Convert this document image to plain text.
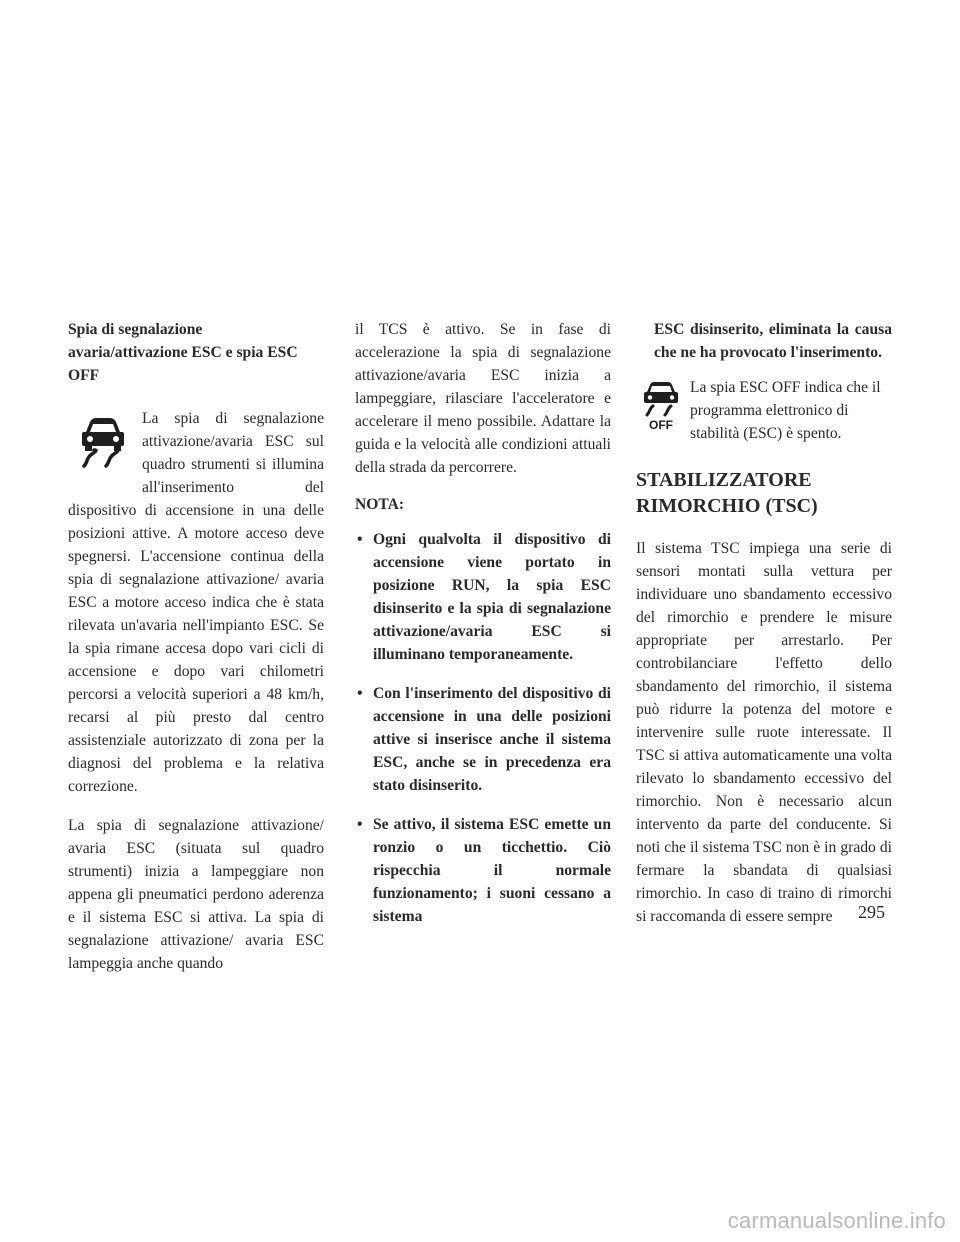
Spia di segnalazione avaria/attivazione ESC e spia ESC OFF

La spia di segnalazione attivazione/avaria ESC sul quadro strumenti si illumina all'inserimento del dispositivo di accensione in una delle posizioni attive. A motore acceso deve spegnersi. L'accensione continua della spia di segnalazione attivazione/ avaria ESC a motore acceso indica che è stata rilevata un'avaria nell'impianto ESC. Se la spia rimane accesa dopo vari cicli di accensione e dopo vari chilometri percorsi a velocità superiori a 48 km/h, recarsi al più presto dal centro assistenziale autorizzato di zona per la diagnosi del problema e la relativa correzione.

La spia di segnalazione attivazione/ avaria ESC (situata sul quadro strumenti) inizia a lampeggiare non appena gli pneumatici perdono aderenza e il sistema ESC si attiva. La spia di segnalazione attivazione/ avaria ESC lampeggia anche quando

il TCS è attivo. Se in fase di accelerazione la spia di segnalazione attivazione/avaria ESC inizia a lampeggiare, rilasciare l'acceleratore e accelerare il meno possibile. Adattare la guida e la velocità alle condizioni attuali della strada da percorrere.

NOTA:

• Ogni qualvolta il dispositivo di accensione viene portato in posizione RUN, la spia ESC disinserito e la spia di segnalazione attivazione/avaria ESC si illuminano temporaneamente.
• Con l'inserimento del dispositivo di accensione in una delle posizioni attive si inserisce anche il sistema ESC, anche se in precedenza era stato disinserito.
• Se attivo, il sistema ESC emette un ronzio o un ticchettio. Ciò rispecchia il normale funzionamento; i suoni cessano a sistema

ESC disinserito, eliminata la causa che ne ha provocato l'inserimento.

OFF

La spia ESC OFF indica che il programma elettronico di stabilità (ESC) è spento.

STABILIZZATORE RIMORCHIO (TSC)

Il sistema TSC impiega una serie di sensori montati sulla vettura per individuare uno sbandamento eccessivo del rimorchio e prendere le misure appropriate per arrestarlo. Per controbilanciare l'effetto dello sbandamento del rimorchio, il sistema può ridurre la potenza del motore e intervenire sulle ruote interessate. Il TSC si attiva automaticamente una volta rilevato lo sbandamento eccessivo del rimorchio. Non è necessario alcun intervento da parte del conducente. Si noti che il sistema TSC non è in grado di fermare la sbandata di qualsiasi rimorchio. In caso di traino di rimorchi si raccomanda di essere sempre	295
carmanualsonline.info
